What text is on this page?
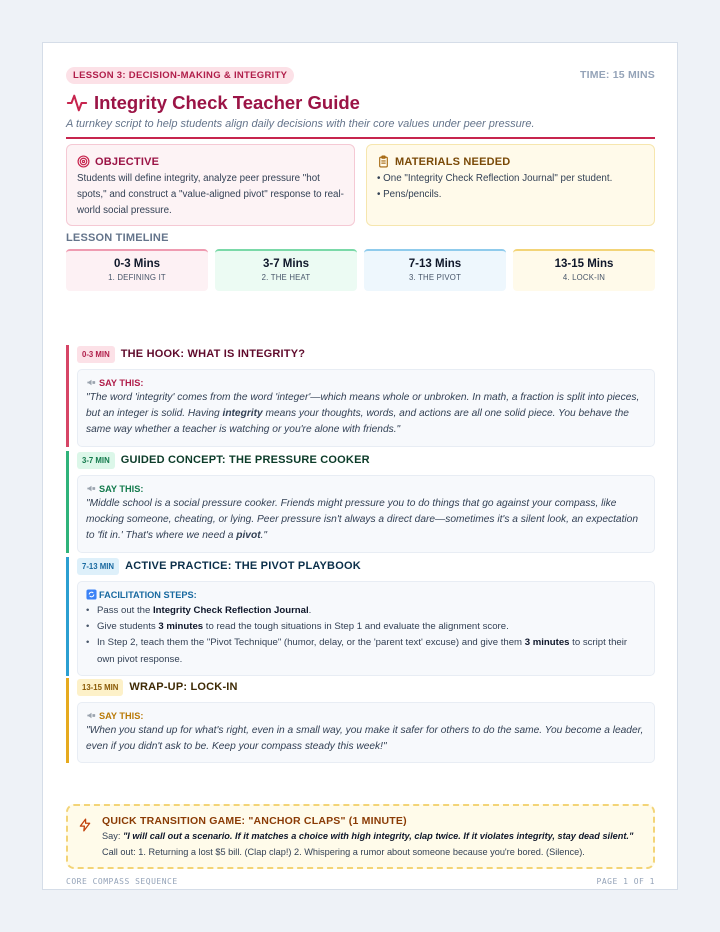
LESSON 3: DECISION-MAKING & INTEGRITY	TIME: 15 MINS
Integrity Check Teacher Guide
A turnkey script to help students align daily decisions with their core values under peer pressure.
OBJECTIVE
Students will define integrity, analyze peer pressure "hot spots," and construct a "value-aligned pivot" response to real-world social pressure.
MATERIALS NEEDED
• One "Integrity Check Reflection Journal" per student.
• Pens/pencils.
LESSON TIMELINE
0-3 Mins
1. DEFINING IT
3-7 Mins
2. THE HEAT
7-13 Mins
3. THE PIVOT
13-15 Mins
4. LOCK-IN
0-3 MIN	THE HOOK: WHAT IS INTEGRITY?
SAY THIS:
"The word 'integrity' comes from the word 'integer'—which means whole or unbroken. In math, a fraction is split into pieces, but an integer is solid. Having integrity means your thoughts, words, and actions are all one solid piece. You behave the same way whether a teacher is watching or you're alone with friends."
3-7 MIN	GUIDED CONCEPT: THE PRESSURE COOKER
SAY THIS:
"Middle school is a social pressure cooker. Friends might pressure you to do things that go against your compass, like mocking someone, cheating, or lying. Peer pressure isn't always a direct dare—sometimes it's a silent look, an expectation to 'fit in.' That's where we need a pivot."
7-13 MIN	ACTIVE PRACTICE: THE PIVOT PLAYBOOK
FACILITATION STEPS:
• Pass out the Integrity Check Reflection Journal.
• Give students 3 minutes to read the tough situations in Step 1 and evaluate the alignment score.
• In Step 2, teach them the "Pivot Technique" (humor, delay, or the 'parent text' excuse) and give them 3 minutes to script their own pivot response.
13-15 MIN	WRAP-UP: LOCK-IN
SAY THIS:
"When you stand up for what's right, even in a small way, you make it safer for others to do the same. You become a leader, even if you didn't ask to be. Keep your compass steady this week!"
QUICK TRANSITION GAME: "ANCHOR CLAPS" (1 MINUTE)
Say: "I will call out a scenario. If it matches a choice with high integrity, clap twice. If it violates integrity, stay dead silent." Call out: 1. Returning a lost $5 bill. (Clap clap!) 2. Whispering a rumor about someone because you're bored. (Silence).
CORE COMPASS SEQUENCE	PAGE 1 OF 1
